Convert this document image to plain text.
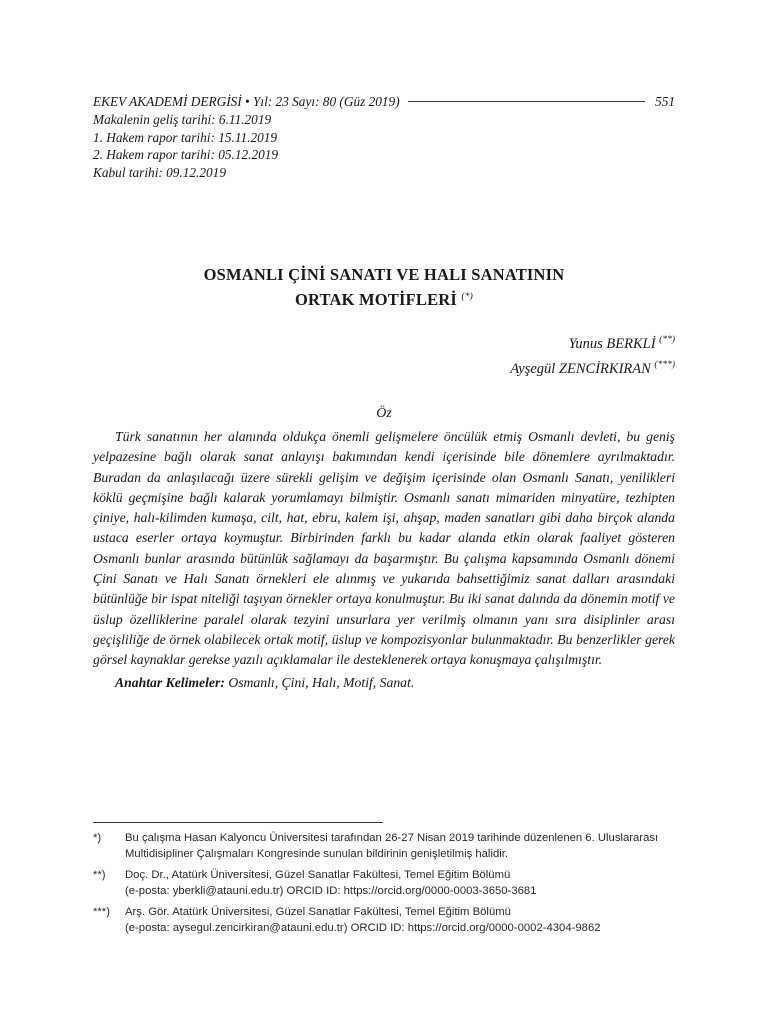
EKEV AKADEMİ DERGİSİ • Yıl: 23 Sayı: 80 (Güz 2019)	551
Makalenin geliş tarihi: 6.11.2019
1. Hakem rapor tarihi: 15.11.2019
2. Hakem rapor tarihi: 05.12.2019
Kabul tarihi: 09.12.2019
OSMANLI ÇİNİ SANATI VE HALI SANATININ
ORTAK MOTİFLERİ (*)
Yunus BERKLİ (**)
Ayşegül ZENCİRKIRAN (***)
Öz

Türk sanatının her alanında oldukça önemli gelişmelere öncülük etmiş Osmanlı devleti, bu geniş yelpazesine bağlı olarak sanat anlayışı bakımından kendi içerisinde bile dönemlere ayrılmaktadır. Buradan da anlaşılacağı üzere sürekli gelişim ve değişim içerisinde olan Osmanlı Sanatı, yenilikleri köklü geçmişine bağlı kalarak yorumlamayı bilmiştir. Osmanlı sanatı mimariden minyatüre, tezhipten çiniye, halı-kilimden kumaşa, cilt, hat, ebru, kalem işi, ahşap, maden sanatları gibi daha birçok alanda ustaca eserler ortaya koymuştur. Birbirinden farklı bu kadar alanda etkin olarak faaliyet gösteren Osmanlı bunlar arasında bütünlük sağlamayı da başarmıştır. Bu çalışma kapsamında Osmanlı dönemi Çini Sanatı ve Halı Sanatı örnekleri ele alınmış ve yukarıda bahsettiğimiz sanat dalları arasındaki bütünlüğe bir ispat niteliği taşıyan örnekler ortaya konulmuştur. Bu iki sanat dalında da dönemin motif ve üslup özelliklerine paralel olarak tezyini unsurlara yer verilmiş olmanın yanı sıra disiplinler arası geçişliliğe de örnek olabilecek ortak motif, üslup ve kompozisyonlar bulunmaktadır. Bu benzerlikler gerek görsel kaynaklar gerekse yazılı açıklamalar ile desteklenerek ortaya konuşmaya çalışılmıştır.

Anahtar Kelimeler: Osmanlı, Çini, Halı, Motif, Sanat.

*)	Bu çalışma Hasan Kalyoncu Üniversitesi tarafından 26-27 Nisan 2019 tarihinde düzenlenen 6. Uluslararası Multidisipliner Çalışmaları Kongresinde sunulan bildirinin genişletilmiş halidir.
**)	Doç. Dr., Atatürk Üniversitesi, Güzel Sanatlar Fakültesi, Temel Eğitim Bölümü
(e-posta: yberkli@atauni.edu.tr) ORCID ID: https://orcid.org/0000-0003-3650-3681
***)	Arş. Gör. Atatürk Üniversitesi, Güzel Sanatlar Fakültesi, Temel Eğitim Bölümü
(e-posta: aysegul.zencirkiran@atauni.edu.tr) ORCID ID: https://orcid.org/0000-0002-4304-9862
